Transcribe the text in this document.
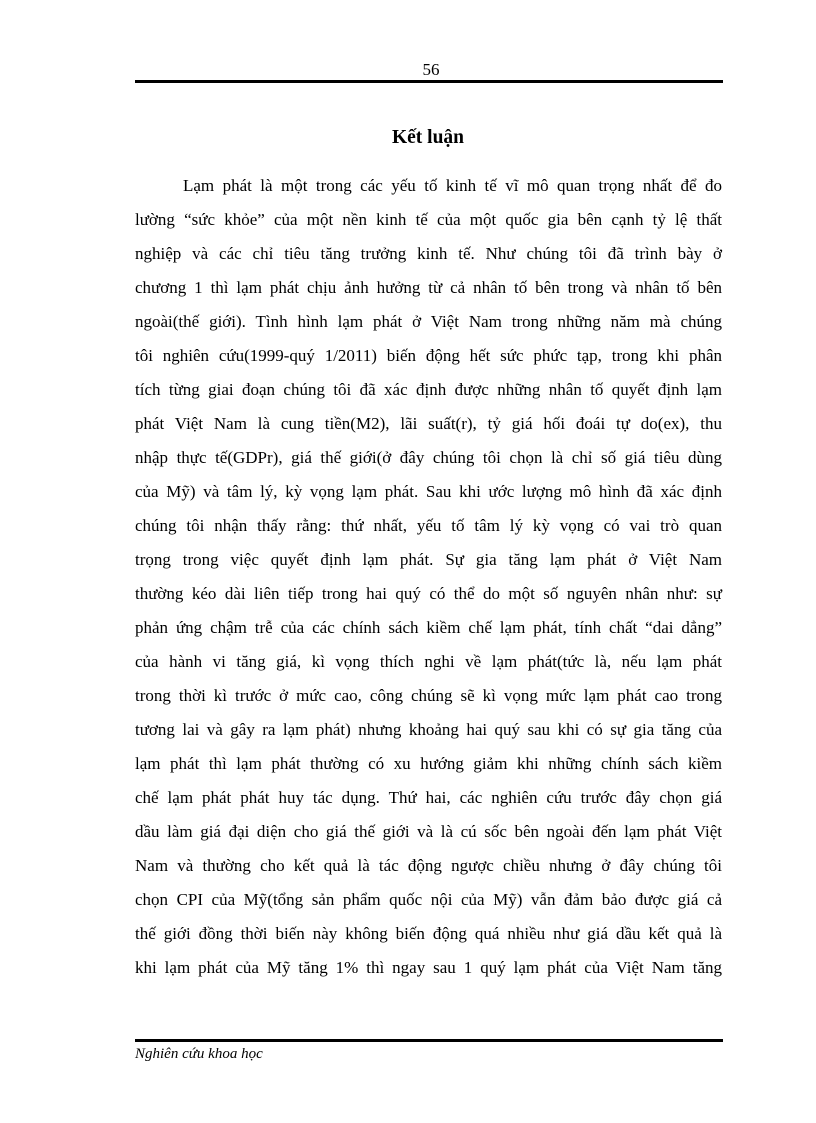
56
Kết luận
Lạm phát là một trong các yếu tố kinh tế vĩ mô quan trọng nhất để đo
lường “sức khỏe” của một nền kinh tế của một quốc gia bên cạnh tỷ lệ thất
nghiệp và các chỉ tiêu tăng trưởng kinh tế. Như chúng tôi đã trình bày ở
chương 1 thì lạm phát chịu ảnh hưởng từ cả nhân tố bên trong và nhân tố bên
ngoài(thế giới). Tình hình lạm phát ở Việt Nam trong những năm mà chúng
tôi nghiên cứu(1999-quý 1/2011) biến động hết sức phức tạp, trong khi phân
tích từng giai đoạn chúng tôi đã xác định được những nhân tố quyết định lạm
phát Việt Nam là cung tiền(M2), lãi suất(r), tỷ giá hối đoái tự do(ex), thu
nhập thực tế(GDPr), giá thế giới(ở đây chúng tôi chọn là chỉ số giá tiêu dùng
của Mỹ) và tâm lý, kỳ vọng lạm phát. Sau khi ước lượng mô hình đã xác định
chúng tôi nhận thấy rằng: thứ nhất, yếu tố tâm lý kỳ vọng có vai trò quan
trọng trong việc quyết định lạm phát. Sự gia tăng lạm phát ở Việt Nam
thường kéo dài liên tiếp trong hai quý có thể do một số nguyên nhân như: sự
phản ứng chậm trễ của các chính sách kiềm chế lạm phát, tính chất “dai dẳng”
của hành vi tăng giá, kì vọng thích nghi về lạm phát(tức là, nếu lạm phát
trong thời kì trước ở mức cao, công chúng sẽ kì vọng mức lạm phát cao trong
tương lai và gây ra lạm phát) nhưng khoảng hai quý sau khi có sự gia tăng của
lạm phát thì lạm phát thường có xu hướng giảm khi những chính sách kiềm
chế lạm phát phát huy tác dụng. Thứ hai, các nghiên cứu trước đây chọn giá
dầu làm giá đại diện cho giá thế giới và là cú sốc bên ngoài đến lạm phát Việt
Nam và thường cho kết quả là tác động ngược chiều nhưng ở đây chúng tôi
chọn CPI của Mỹ(tổng sản phẩm quốc nội của Mỹ) vẫn đảm bảo được giá cả
thế giới đồng thời biến này không biến động quá nhiều như giá dầu kết quả là
khi lạm phát của Mỹ tăng 1% thì ngay sau 1 quý lạm phát của Việt Nam tăng
Nghiên cứu khoa học
